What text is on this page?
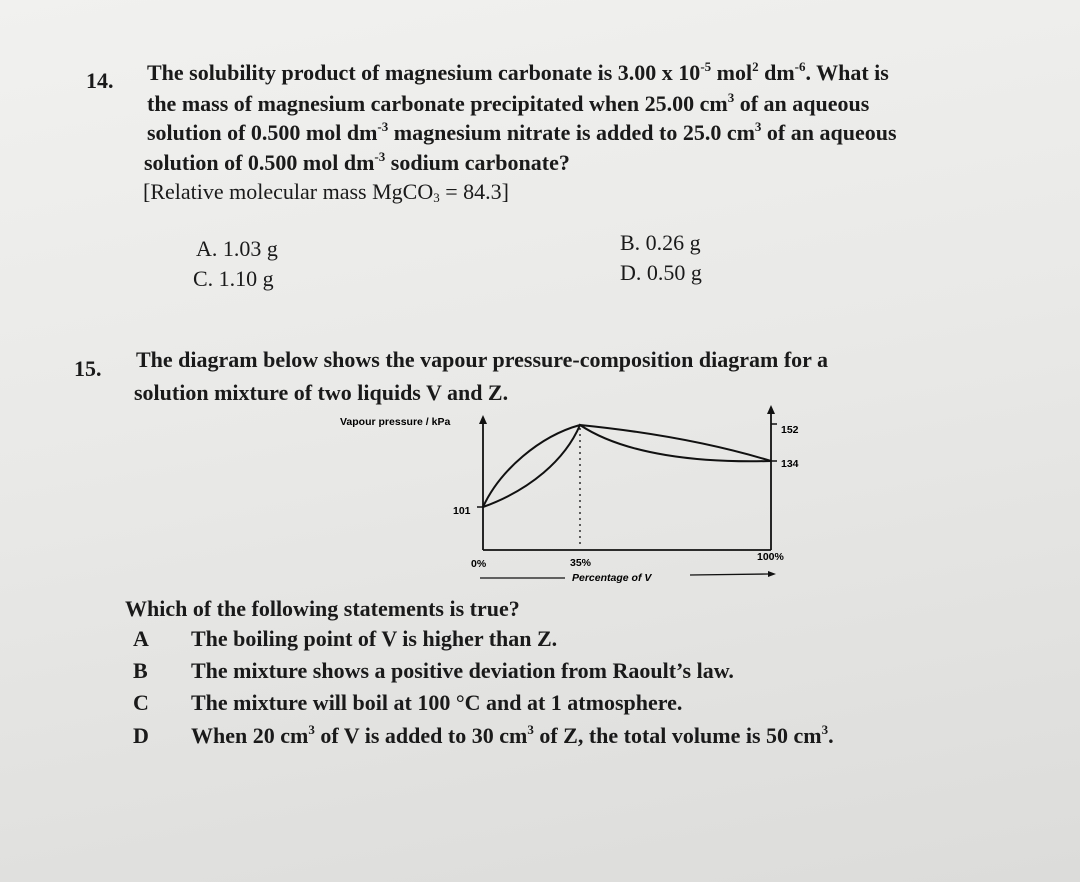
14. The solubility product of magnesium carbonate is 3.00 x $10^{-5}$ mol$^2$ $dm^{-6}$. What is
the mass of magnesium carbonate precipitated when 25.00 $cm^3$ of an aqueous
solution of 0.500 mol $dm^{-3}$ magnesium nitrate is added to 25.0 $cm^3$ of an aqueous
solution of 0.500 mol $dm^{-3}$ sodium carbonate?
[Relative molecular mass MgCO$_3$ = 84.3]
A. 1.03 g	B. 0.26 g
C. 1.10 g	D. 0.50 g
15. The diagram below shows the vapour pressure-composition diagram for a
solution mixture of two liquids V and Z.
Vapour pressure / kPa
152
134
101
0%	35%	100%
Percentage of V
Which of the following statements is true?
A The boiling point of V is higher than Z.
B The mixture shows a positive deviation from Raoult’s law.
C The mixture will boil at 100 °C and at 1 atmosphere.
D When 20 $cm^3$ of V is added to 30 $cm^3$ of Z, the total volume is 50 $cm^3$.
